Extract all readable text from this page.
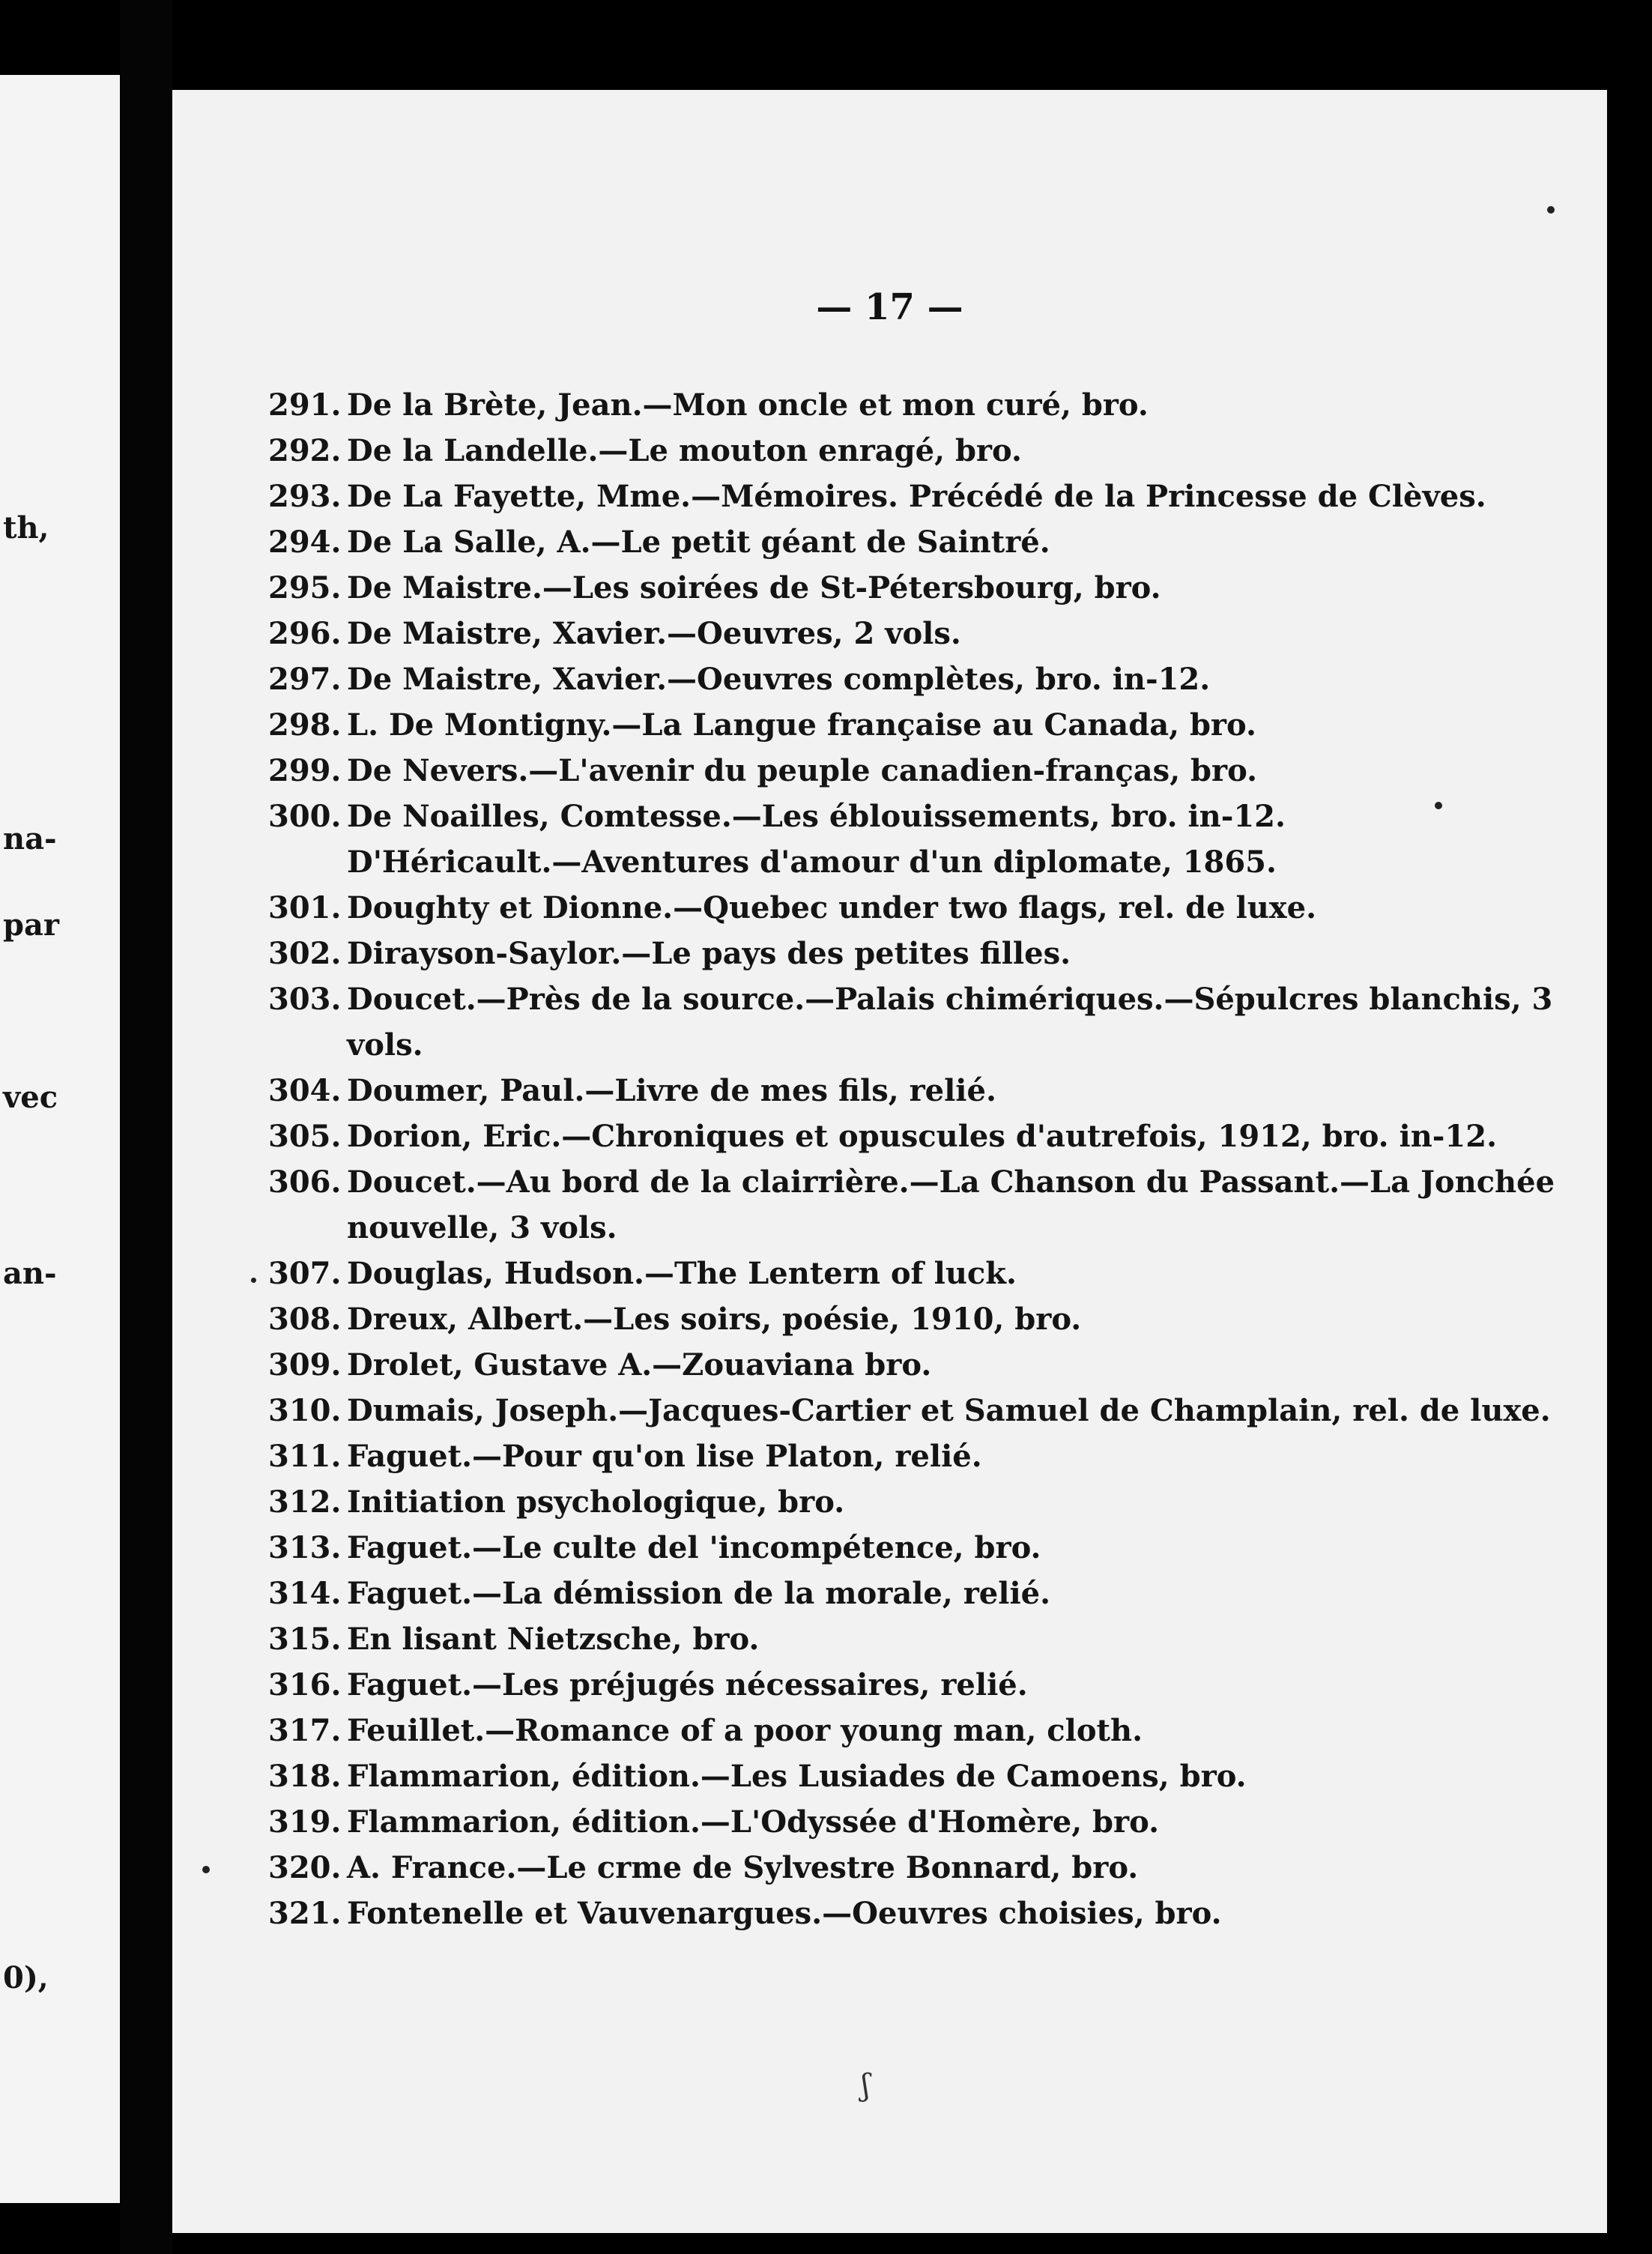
th,
na-
par
vec
an-
0),
— 17 —
291. De la Brète, Jean.—Mon oncle et mon curé, bro.
292. De la Landelle.—Le mouton enragé, bro.
293. De La Fayette, Mme.—Mémoires. Précédé de la Princesse de Clèves.
294. De La Salle, A.—Le petit géant de Saintré.
295. De Maistre.—Les soirées de St-Pétersbourg, bro.
296. De Maistre, Xavier.—Oeuvres, 2 vols.
297. De Maistre, Xavier.—Oeuvres complètes, bro. in-12.
298. L. De Montigny.—La Langue française au Canada, bro.
299. De Nevers.—L'avenir du peuple canadien-franças, bro.
300. De Noailles, Comtesse.—Les éblouissements, bro. in-12.
D'Héricault.—Aventures d'amour d'un diplomate, 1865.
301. Doughty et Dionne.—Quebec under two flags, rel. de luxe.
302. Dirayson-Saylor.—Le pays des petites filles.
303. Doucet.—Près de la source.—Palais chimériques.—Sépulcres blanchis, 3 vols.
304. Doumer, Paul.—Livre de mes fils, relié.
305. Dorion, Eric.—Chroniques et opuscules d'autrefois, 1912, bro. in-12.
306. Doucet.—Au bord de la clairrière.—La Chanson du Passant.—La Jonchée nouvelle, 3 vols.
307. Douglas, Hudson.—The Lentern of luck.
308. Dreux, Albert.—Les soirs, poésie, 1910, bro.
309. Drolet, Gustave A.—Zouaviana bro.
310. Dumais, Joseph.—Jacques-Cartier et Samuel de Champlain, rel. de luxe.
311. Faguet.—Pour qu'on lise Platon, relié.
312. Initiation psychologique, bro.
313. Faguet.—Le culte del 'incompétence, bro.
314. Faguet.—La démission de la morale, relié.
315. En lisant Nietzsche, bro.
316. Faguet.—Les préjugés nécessaires, relié.
317. Feuillet.—Romance of a poor young man, cloth.
318. Flammarion, édition.—Les Lusiades de Camoens, bro.
319. Flammarion, édition.—L'Odyssée d'Homère, bro.
320. A. France.—Le crme de Sylvestre Bonnard, bro.
321. Fontenelle et Vauvenargues.—Oeuvres choisies, bro.
ʃ
